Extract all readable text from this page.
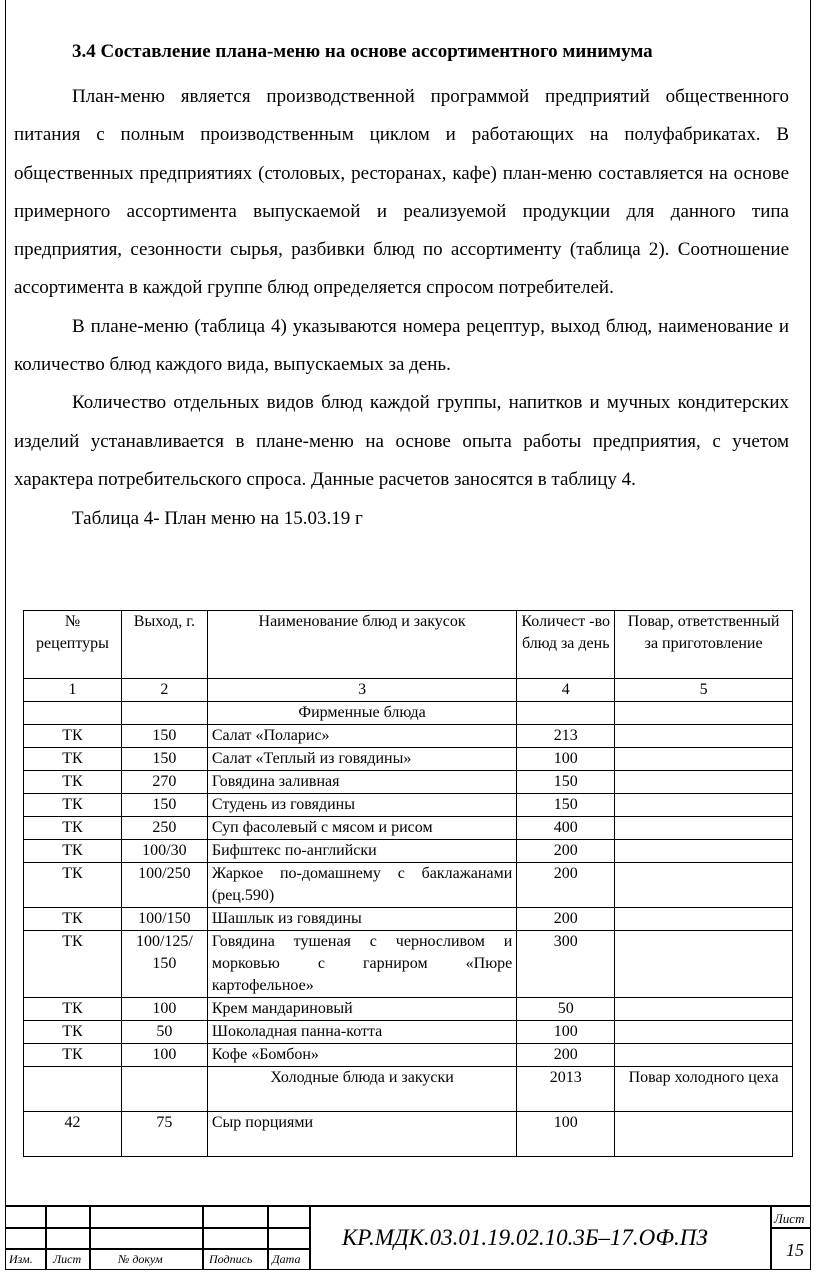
3.4 Составление плана-меню на основе ассортиментного минимума

План-меню является производственной программой предприятий общественного питания с полным производственным циклом и работающих на полуфабрикатах. В общественных предприятиях (столовых, ресторанах, кафе) план-меню составляется на основе примерного ассортимента выпускаемой и реализуемой продукции для данного типа предприятия, сезонности сырья, разбивки блюд по ассортименту (таблица 2). Соотношение ассортимента в каждой группе блюд определяется спросом потребителей.

В плане-меню (таблица 4) указываются номера рецептур, выход блюд, наименование и количество блюд каждого вида, выпускаемых за день.

Количество отдельных видов блюд каждой группы, напитков и мучных кондитерских изделий устанавливается в плане-меню на основе опыта работы предприятия, с учетом характера потребительского спроса. Данные расчетов заносятся в таблицу 4.

Таблица 4- План меню на 15.03.19 г
№ рецептуры	Выход, г.	Наименование блюд и закусок	Количест -во блюд за день	Повар, ответственный за приготовление
1	2	3	4	5
		Фирменные блюда		
ТК	150	Салат «Поларис»	213	
ТК	150	Салат «Теплый из говядины»	100	
ТК	270	Говядина заливная	150	
ТК	150	Студень из говядины	150	
ТК	250	Суп фасолевый с мясом и рисом	400	
ТК	100/30	Бифштекс по-английски	200	
ТК	100/250	Жаркое по-домашнему с баклажанами (рец.590)	200	
ТК	100/150	Шашлык из говядины	200	
ТК	100/125/ 150	Говядина тушеная с черносливом и морковью с гарниром «Пюре картофельное»	300	
ТК	100	Крем мандариновый	50	
ТК	50	Шоколадная панна-котта	100	
ТК	100	Кофе «Бомбон»	200	
		Холодные блюда и закуски	2013	Повар холодного цеха
42	75	Сыр порциями	100	
Изм. Лист	№ докум	Подпись Дата
КР.МДК.03.01.19.02.10.3Б–17.ОФ.ПЗ
Лист
15
